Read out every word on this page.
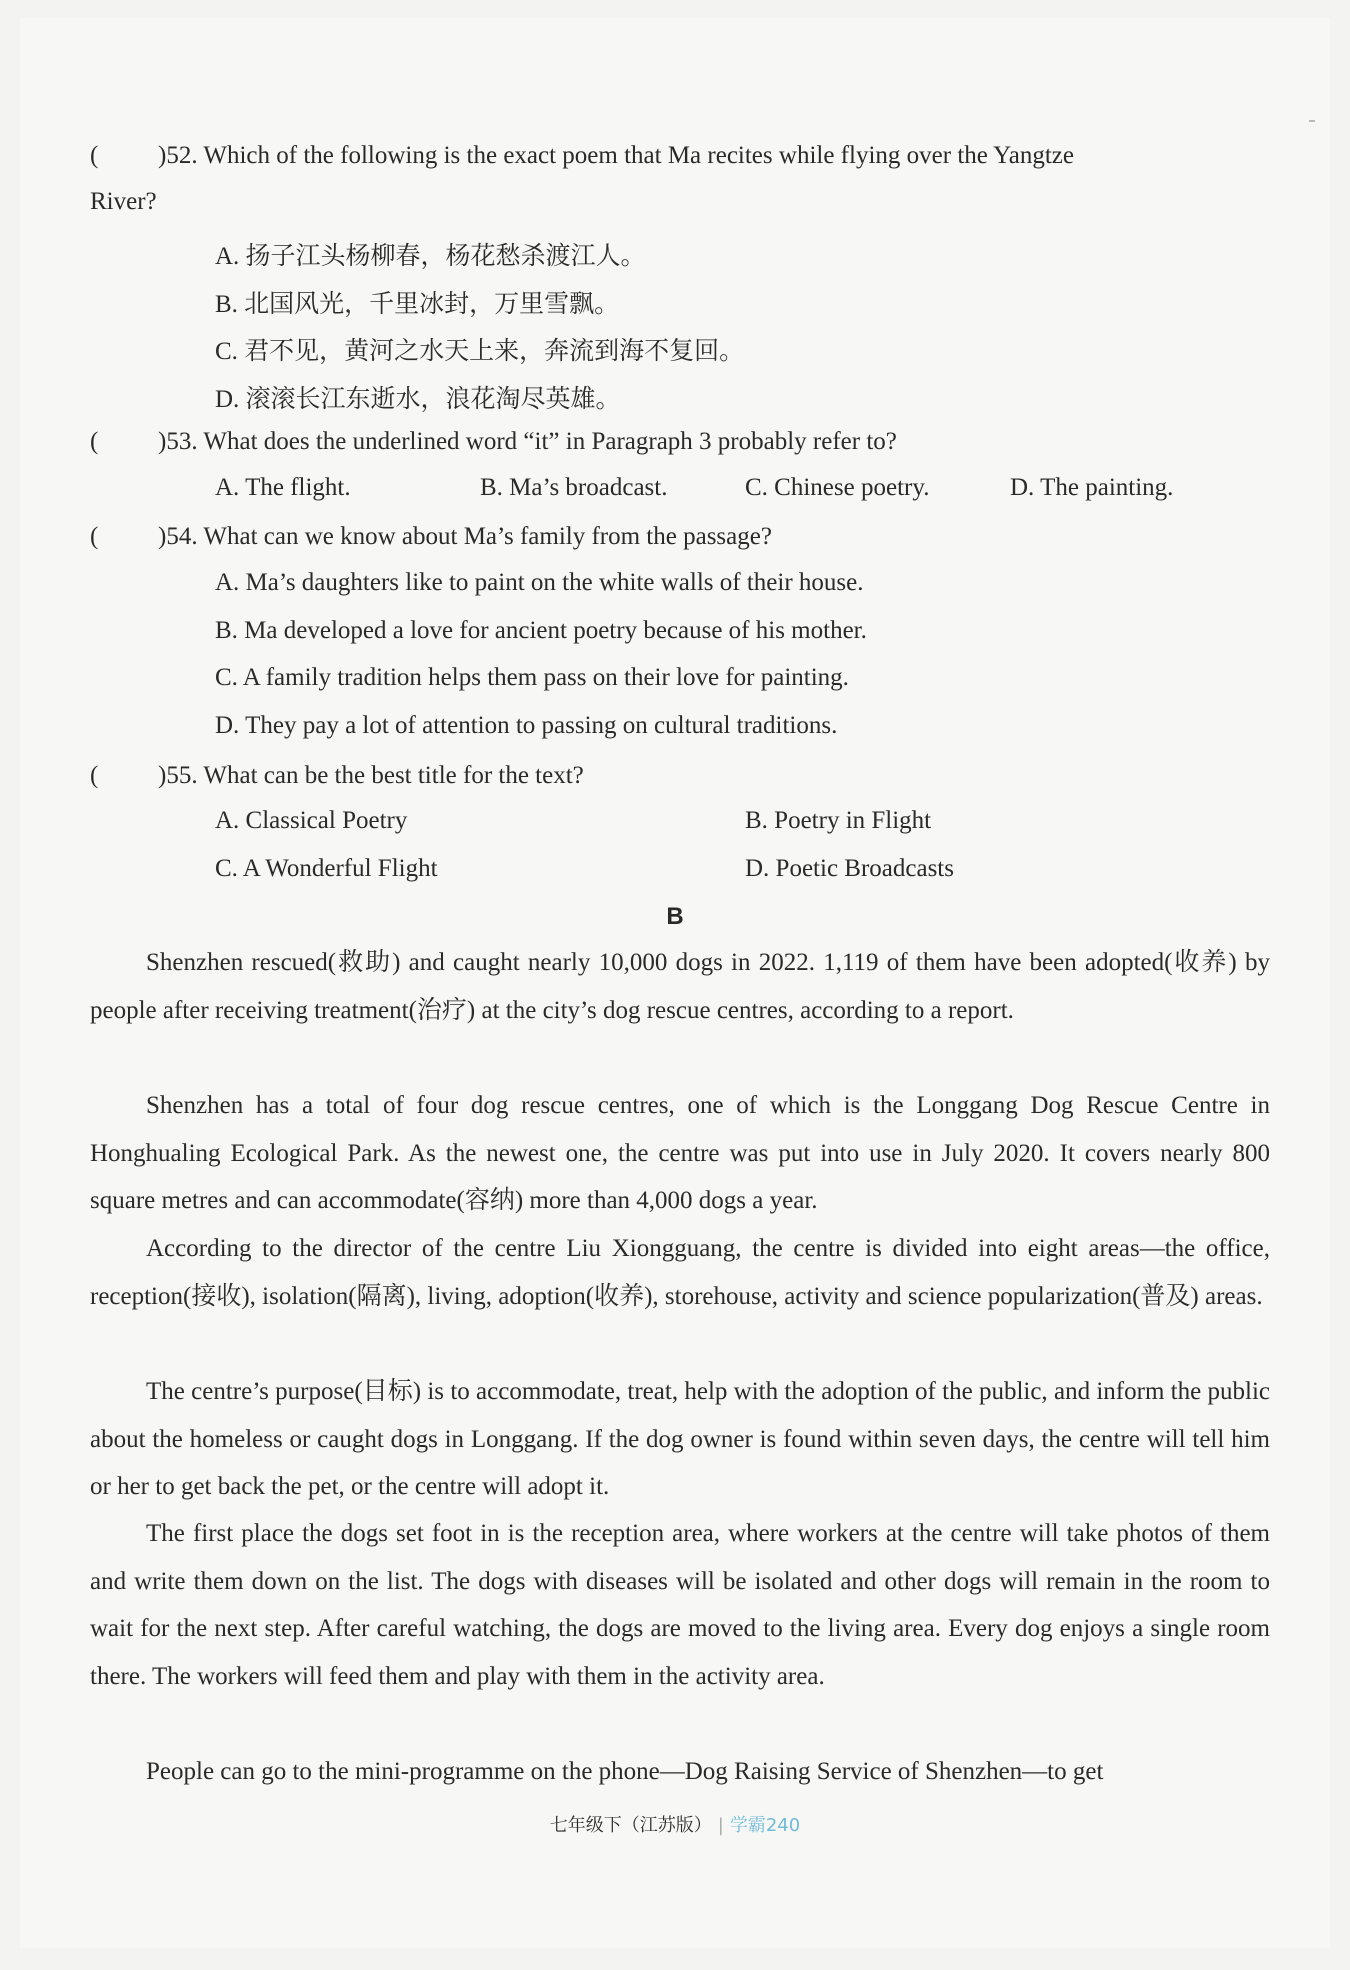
( )52. Which of the following is the exact poem that Ma recites while flying over the Yangtze
River?
A. 扬子江头杨柳春，杨花愁杀渡江人。
B. 北国风光，千里冰封，万里雪飘。
C. 君不见，黄河之水天上来，奔流到海不复回。
D. 滚滚长江东逝水，浪花淘尽英雄。
( )53. What does the underlined word “it” in Paragraph 3 probably refer to?
A. The flight.	B. Ma’s broadcast.	C. Chinese poetry.	D. The painting.
( )54. What can we know about Ma’s family from the passage?
A. Ma’s daughters like to paint on the white walls of their house.
B. Ma developed a love for ancient poetry because of his mother.
C. A family tradition helps them pass on their love for painting.
D. They pay a lot of attention to passing on cultural traditions.
( )55. What can be the best title for the text?
A. Classical Poetry	B. Poetry in Flight
C. A Wonderful Flight	D. Poetic Broadcasts
B

Shenzhen rescued(救助) and caught nearly 10,000 dogs in 2022. 1,119 of them have been adopted(收养) by people after receiving treatment(治疗) at the city’s dog rescue centres, according to a report.

Shenzhen has a total of four dog rescue centres, one of which is the Longgang Dog Rescue Centre in Honghualing Ecological Park. As the newest one, the centre was put into use in July 2020. It covers nearly 800 square metres and can accommodate(容纳) more than 4,000 dogs a year.

According to the director of the centre Liu Xiongguang, the centre is divided into eight areas—the office, reception(接收), isolation(隔离), living, adoption(收养), storehouse, activity and science popularization(普及) areas.

The centre’s purpose(目标) is to accommodate, treat, help with the adoption of the public, and inform the public about the homeless or caught dogs in Longgang. If the dog owner is found within seven days, the centre will tell him or her to get back the pet, or the centre will adopt it.

The first place the dogs set foot in is the reception area, where workers at the centre will take photos of them and write them down on the list. The dogs with diseases will be isolated and other dogs will remain in the room to wait for the next step. After careful watching, the dogs are moved to the living area. Every dog enjoys a single room there. The workers will feed them and play with them in the activity area.

People can go to the mini-programme on the phone—Dog Raising Service of Shenzhen—to get

七年级下（江苏版） | 学霸240
